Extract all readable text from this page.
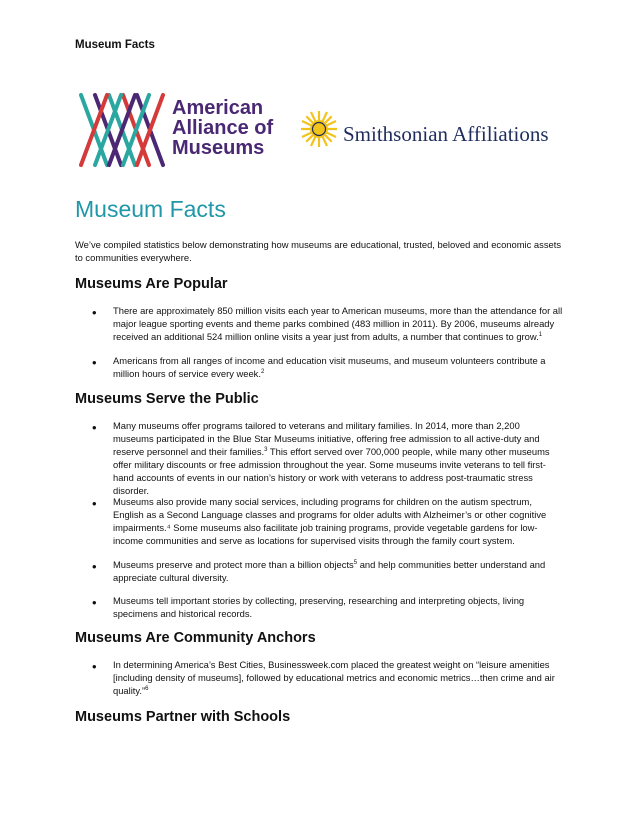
Museum Facts
American
Alliance of
Museums
Smithsonian Affiliations
Museum Facts
We’ve compiled statistics below demonstrating how museums are educational, trusted, beloved and economic assets to communities everywhere.
Museums Are Popular
• There are approximately 850 million visits each year to American museums, more than the attendance for all major league sporting events and theme parks combined (483 million in 2011). By 2006, museums already received an additional 524 million online visits a year just from adults, a number that continues to grow.$^1$
• Americans from all ranges of income and education visit museums, and museum volunteers contribute a million hours of service every week.$^2$
Museums Serve the Public
• Many museums offer programs tailored to veterans and military families. In 2014, more than 2,200 museums participated in the Blue Star Museums initiative, offering free admission to all active-duty and reserve personnel and their families.$^3$ This effort served over 700,000 people, while many other museums offer military discounts or free admission throughout the year. Some museums invite veterans to tell first-hand accounts of events in our nation’s history or work with veterans to address post-traumatic stress disorder.
• Museums also provide many social services, including programs for children on the autism spectrum, English as a Second Language classes and programs for older adults with Alzheimer’s or other cognitive impairments.⁴ Some museums also facilitate job training programs, provide vegetable gardens for low-income communities and serve as locations for supervised visits through the family court system.
• Museums preserve and protect more than a billion objects$^5$ and help communities better understand and appreciate cultural diversity.
• Museums tell important stories by collecting, preserving, researching and interpreting objects, living specimens and historical records.
Museums Are Community Anchors
• In determining America’s Best Cities, Businessweek.com placed the greatest weight on “leisure amenities [including density of museums], followed by educational metrics and economic metrics…then crime and air quality.”$^6$
Museums Partner with Schools
